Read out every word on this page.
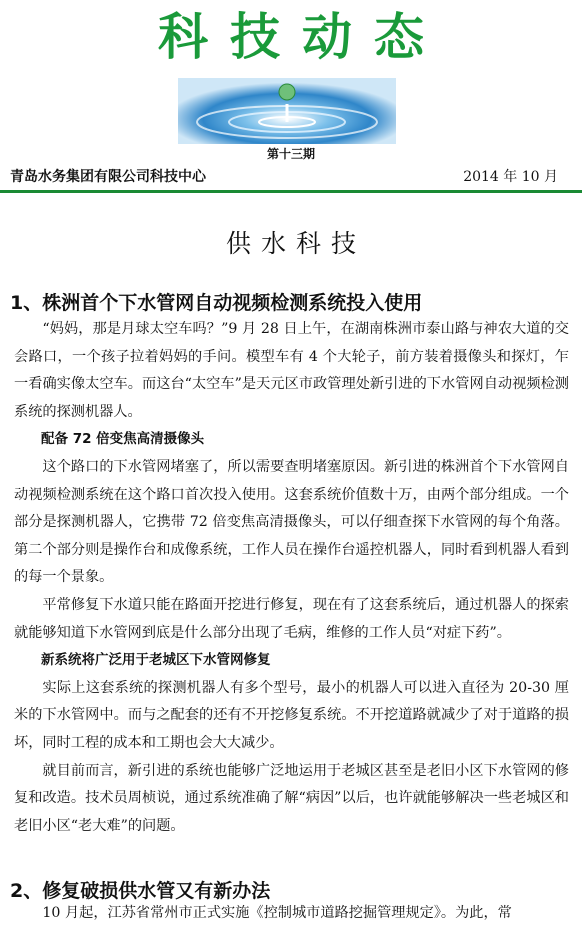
科技动态
第十三期
青岛水务集团有限公司科技中心	2014 年 10 月
供水科技
1、株洲首个下水管网自动视频检测系统投入使用

“妈妈，那是月球太空车吗？”9 月 28 日上午，在湖南株洲市泰山路与神农大道的交会路口，一个孩子拉着妈妈的手问。模型车有 4 个大轮子，前方装着摄像头和探灯，乍一看确实像太空车。而这台“太空车”是天元区市政管理处新引进的下水管网自动视频检测系统的探测机器人。

配备 72 倍变焦高清摄像头

这个路口的下水管网堵塞了，所以需要查明堵塞原因。新引进的株洲首个下水管网自动视频检测系统在这个路口首次投入使用。这套系统价值数十万，由两个部分组成。一个部分是探测机器人，它携带 72 倍变焦高清摄像头，可以仔细查探下水管网的每个角落。第二个部分则是操作台和成像系统，工作人员在操作台遥控机器人，同时看到机器人看到的每一个景象。

平常修复下水道只能在路面开挖进行修复，现在有了这套系统后，通过机器人的探索就能够知道下水管网到底是什么部分出现了毛病，维修的工作人员“对症下药”。

新系统将广泛用于老城区下水管网修复

实际上这套系统的探测机器人有多个型号，最小的机器人可以进入直径为 20-30 厘米的下水管网中。而与之配套的还有不开挖修复系统。不开挖道路就减少了对于道路的损坏，同时工程的成本和工期也会大大减少。

就目前而言，新引进的系统也能够广泛地运用于老城区甚至是老旧小区下水管网的修复和改造。技术员周桢说，通过系统准确了解“病因”以后，也许就能够解决一些老城区和老旧小区“老大难”的问题。

2、修复破损供水管又有新办法

10 月起，江苏省常州市正式实施《控制城市道路挖掘管理规定》。为此，常
